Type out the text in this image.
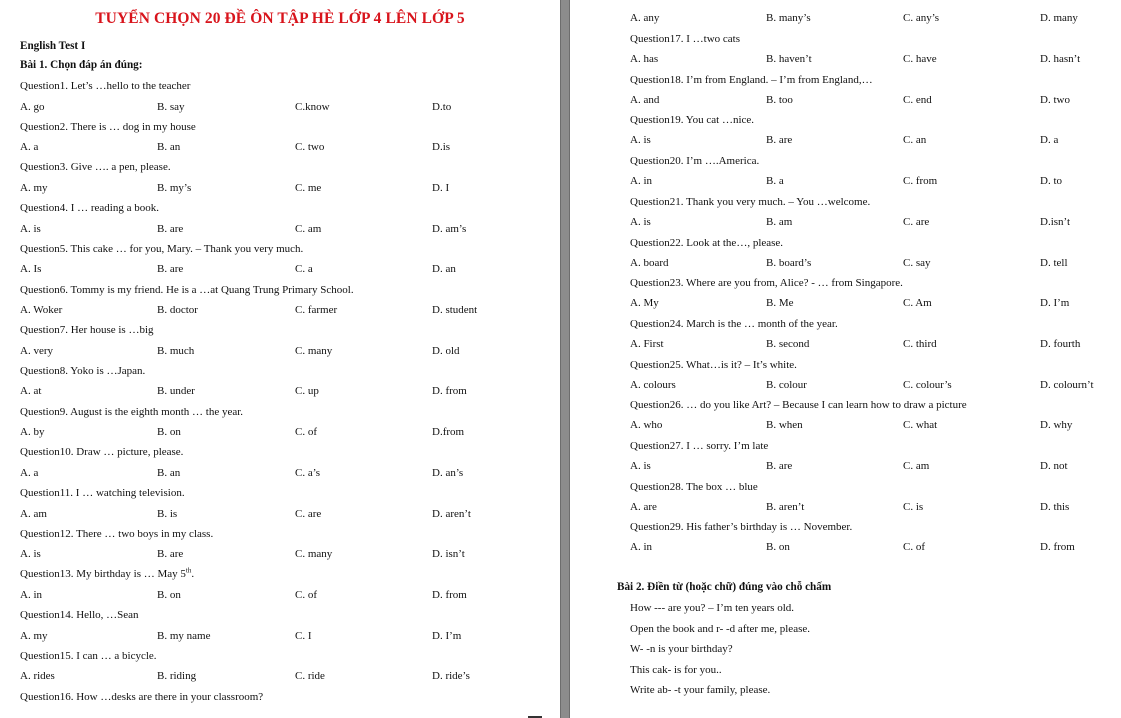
TUYỂN CHỌN 20 ĐỀ ÔN TẬP HÈ LỚP 4 LÊN LỚP 5
English Test I
Bài 1. Chọn đáp án đúng:
Question1. Let’s …hello to the teacher
A. go	B. say	C.know	D.to
Question2. There is … dog in my house
A. a	B. an	C. two	D.is
Question3. Give …. a pen, please.
A. my	B. my’s	C. me	D. I
Question4. I … reading a book.
A. is	B. are	C. am	D. am’s
Question5. This cake … for you, Mary. – Thank you very much.
A. Is	B. are	C. a	D. an
Question6. Tommy is my friend. He is a …at Quang Trung Primary School.
A. Woker	B. doctor	C. farmer	D. student
Question7. Her house is …big
A. very	B. much	C. many	D. old
Question8. Yoko is …Japan.
A. at	B. under	C. up	D. from
Question9. August is the eighth month … the year.
A. by	B. on	C. of	D.from
Question10. Draw … picture, please.
A. a	B. an	C. a’s	D. an’s
Question11. I … watching television.
A. am	B. is	C. are	D. aren’t
Question12. There … two boys in my class.
A. is	B. are	C. many	D. isn’t
Question13. My birthday is … May 5th.
A. in	B. on	C. of	D. from
Question14. Hello, …Sean
A. my	B. my name	C. I	D. I’m
Question15. I can … a bicycle.
A. rides	B. riding	C. ride	D. ride’s
Question16. How …desks are there in your classroom?
A. any	B. many’s	C. any’s	D. many
Question17. I …two cats
A. has	B. haven’t	C. have	D. hasn’t
Question18. I’m from England. – I’m from England,…
A. and	B. too	C. end	D. two
Question19. You cat …nice.
A. is	B. are	C. an	D. a
Question20. I’m ….America.
A. in	B. a	C. from	D. to
Question21. Thank you very much. – You …welcome.
A. is	B. am	C. are	D.isn’t
Question22. Look at the…, please.
A. board	B. board’s	C. say	D. tell
Question23. Where are you from, Alice? - … from Singapore.
A. My	B. Me	C. Am	D. I’m
Question24. March is the … month of the year.
A. First	B. second	C. third	D. fourth
Question25. What…is it? – It’s white.
A. colours	B. colour	C. colour’s	D. colourn’t
Question26. … do you like Art? – Because I can learn how to draw a picture
A. who	B. when	C. what	D. why
Question27. I … sorry. I’m late
A. is	B. are	C. am	D. not
Question28. The box … blue
A. are	B. aren’t	C. is	D. this
Question29. His father’s birthday is … November.
A. in	B. on	C. of	D. from
Bài 2. Điền từ (hoặc chữ) đúng vào chỗ chấm
How --- are you? – I’m ten years old.
Open the book and r- -d after me, please.
W- -n is your birthday?
This cak- is for you..
Write ab- -t your family, please.
